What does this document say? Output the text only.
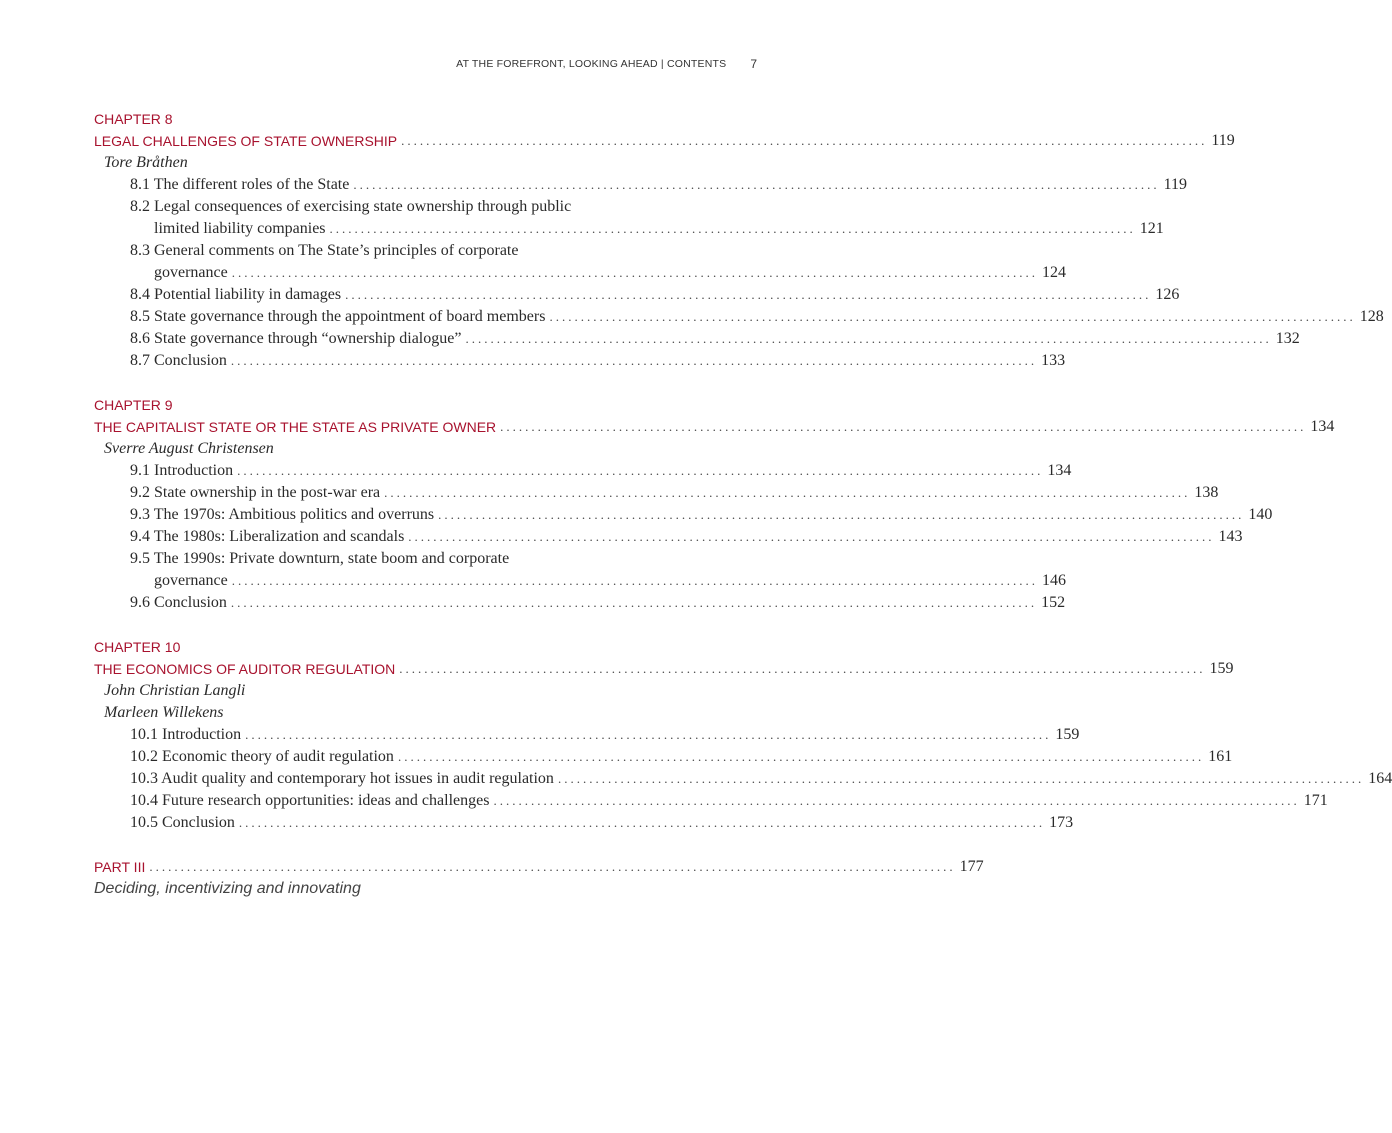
AT THE FOREFRONT, LOOKING AHEAD | CONTENTS 7
CHAPTER 8
LEGAL CHALLENGES OF STATE OWNERSHIP ................................................................................................................................. 119
Tore Bråthen
8.1 The different roles of the State ................................................................................................................................. 119
8.2 Legal consequences of exercising state ownership through public
limited liability companies ................................................................................................................................. 121
8.3 General comments on The State’s principles of corporate
governance ................................................................................................................................. 124
8.4 Potential liability in damages ................................................................................................................................. 126
8.5 State governance through the appointment of board members ................................................................................................................................. 128
8.6 State governance through “ownership dialogue” ................................................................................................................................. 132
8.7 Conclusion ................................................................................................................................. 133
CHAPTER 9
THE CAPITALIST STATE OR THE STATE AS PRIVATE OWNER ................................................................................................................................. 134
Sverre August Christensen
9.1 Introduction ................................................................................................................................. 134
9.2 State ownership in the post-war era ................................................................................................................................. 138
9.3 The 1970s: Ambitious politics and overruns ................................................................................................................................. 140
9.4 The 1980s: Liberalization and scandals ................................................................................................................................. 143
9.5 The 1990s: Private downturn, state boom and corporate
governance ................................................................................................................................. 146
9.6 Conclusion ................................................................................................................................. 152
CHAPTER 10
THE ECONOMICS OF AUDITOR REGULATION ................................................................................................................................. 159
John Christian Langli
Marleen Willekens
10.1 Introduction ................................................................................................................................. 159
10.2 Economic theory of audit regulation ................................................................................................................................. 161
10.3 Audit quality and contemporary hot issues in audit regulation ................................................................................................................................. 164
10.4 Future research opportunities: ideas and challenges ................................................................................................................................. 171
10.5 Conclusion ................................................................................................................................. 173
PART III ................................................................................................................................. 177
Deciding, incentivizing and innovating
